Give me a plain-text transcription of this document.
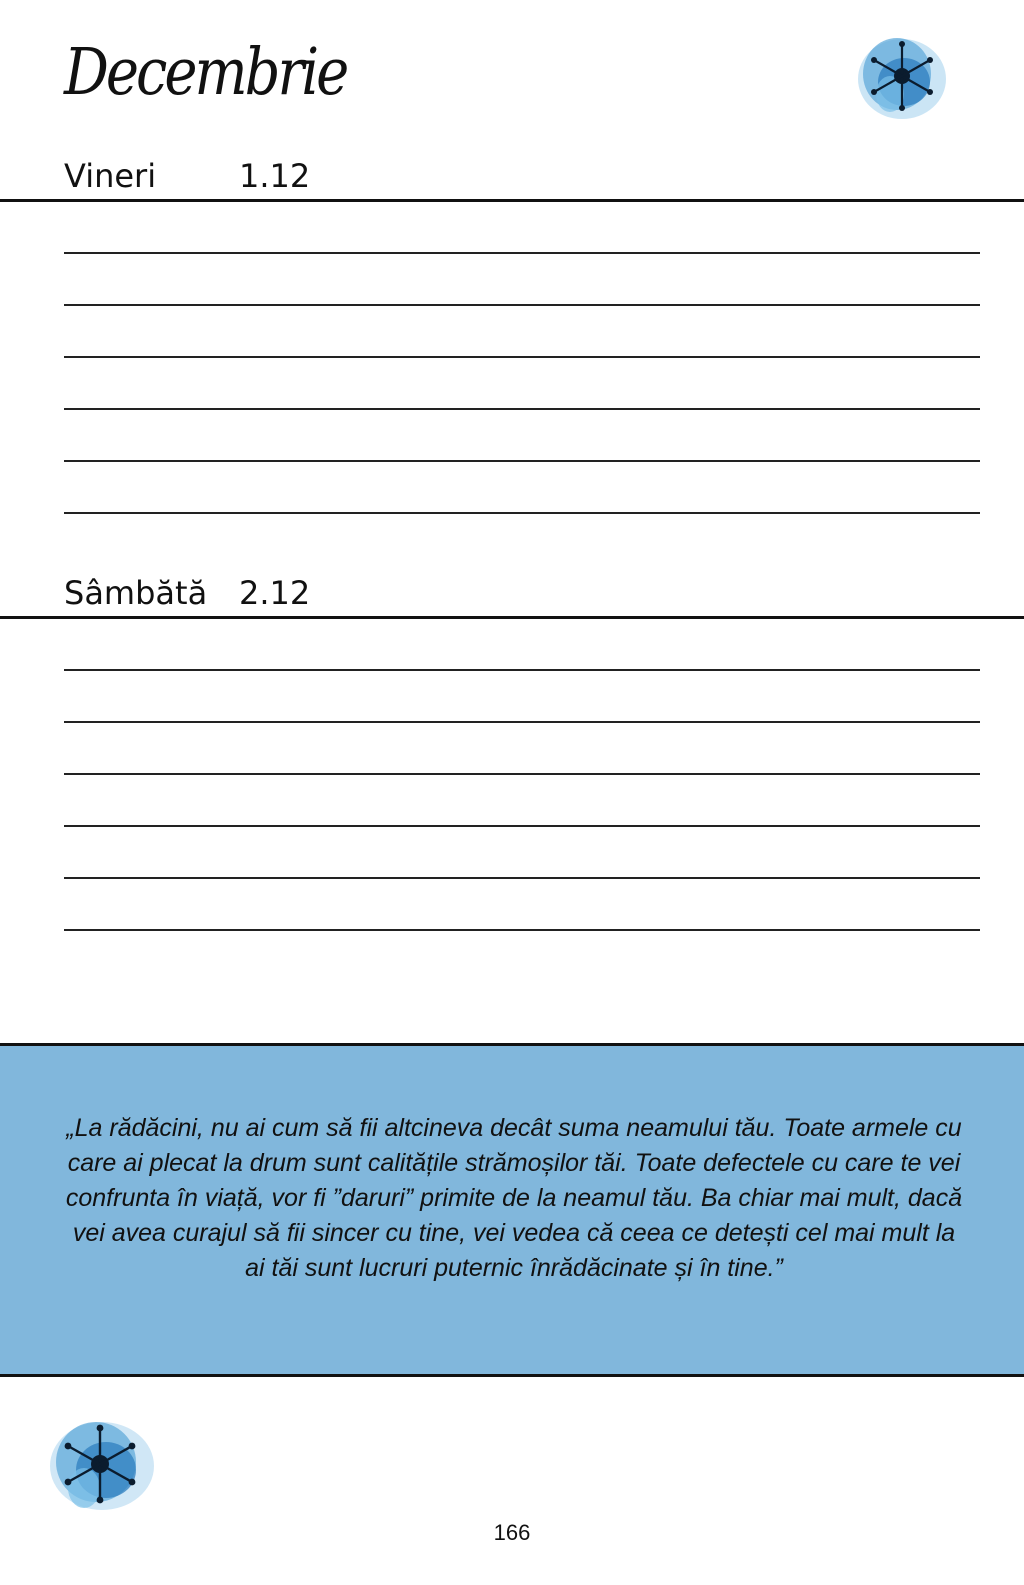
Decembrie
Vineri	1.12
Sâmbătă 2.12
„La rădăcini, nu ai cum să fii altcineva decât suma neamului tău. Toate armele cu care ai plecat la drum sunt calitățile strămoșilor tăi. Toate defectele cu care te vei confrunta în viață, vor fi ”daruri” primite de la neamul tău. Ba chiar mai mult, dacă vei avea curajul să fii sincer cu tine, vei vedea că ceea ce detești cel mai mult la ai tăi sunt lucruri puternic înrădăcinate și în tine.”
166
